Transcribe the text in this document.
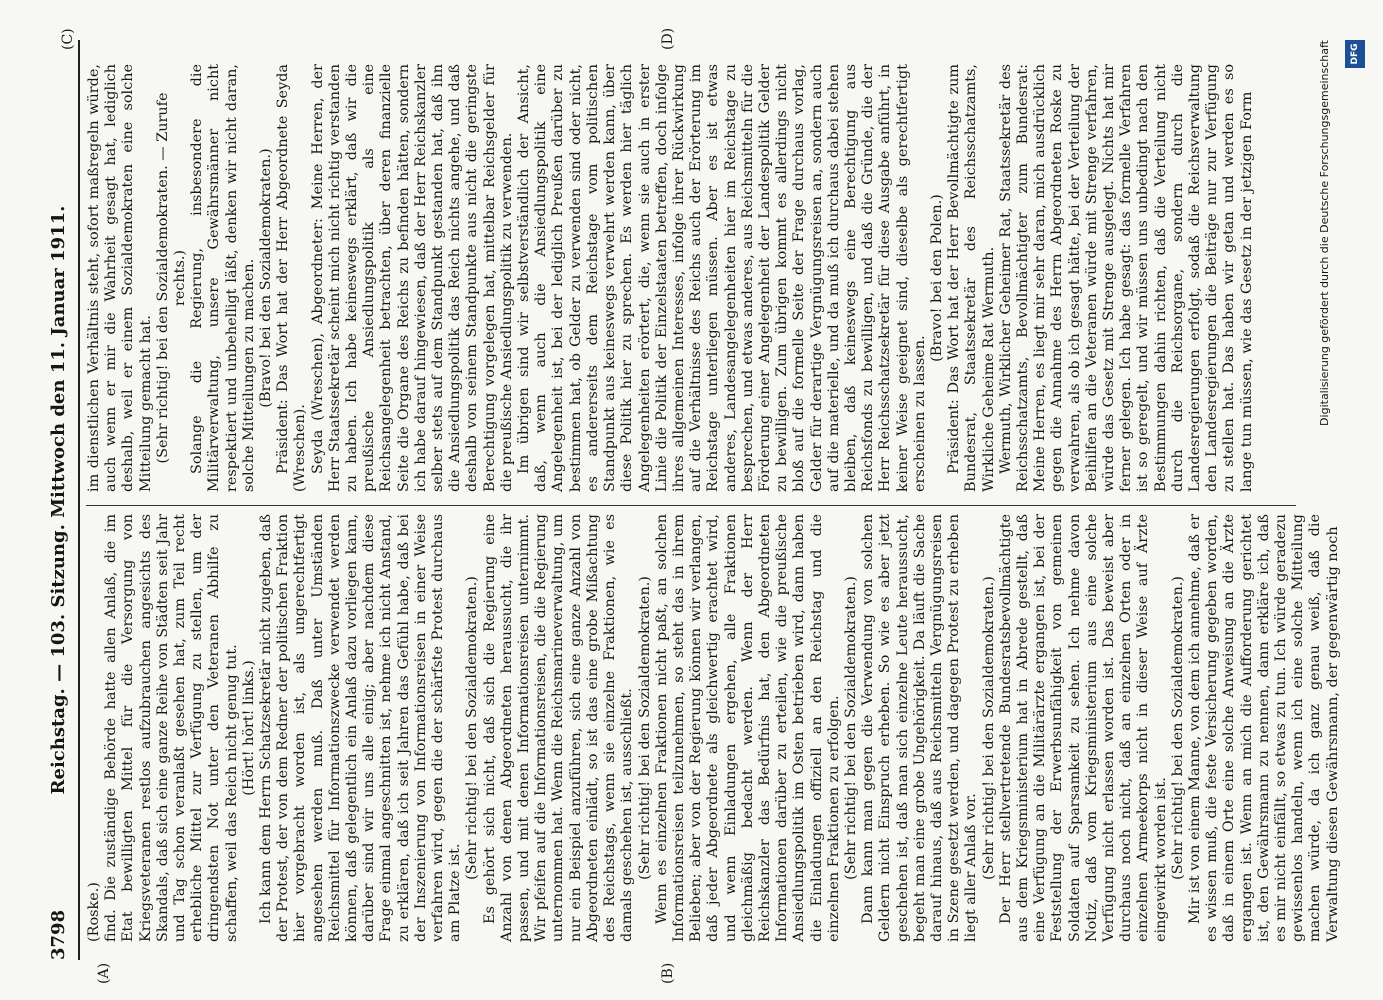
3798
Reichstag. — 103. Sitzung. Mittwoch den 11. Januar 1911.
(A)	(B)
(C)	(D)

(Roske.) find. Die zuständige Behörde hatte allen Anlaß, die im Etat bewilligten Mittel für die Versorgung von Kriegsveteranen restlos aufzubrauchen angesichts des Skandals, daß sich eine ganze Reihe von Städten seit Jahr und Tag schon veranlaßt gesehen hat, zum Teil recht erhebliche Mittel zur Verfügung zu stellen, um der dringendsten Not unter den Veteranen Abhilfe zu schaffen, weil das Reich nicht genug tut. (Hört! hört! links.) Ich kann dem Herrn Schatzsekretär nicht zugeben, daß der Protest, der von dem Redner der politischen Fraktion hier vorgebracht worden ist, als ungerechtfertigt angesehen werden muß. Daß unter Umständen Reichsmittel für Informationszwecke verwendet werden können, daß gelegentlich ein Anlaß dazu vorliegen kann, darüber sind wir uns alle einig; aber nachdem diese Frage einmal angeschnitten ist, nehme ich nicht Anstand, zu erklären, daß ich seit Jahren das Gefühl habe, daß bei der Inszenierung von Informationsreisen in einer Weise verfahren wird, gegen die der schärfste Protest durchaus am Platze ist.

(Sehr richtig! bei den Sozialdemokraten.) Es gehört sich nicht, daß sich die Regierung eine Anzahl von denen Abgeordneten heraussucht, die ihr passen, und mit denen Informationsreisen unternimmt. Wir pfeifen auf die Informationsreisen, die die Regierung unternommen hat. Wenn die Reichsmarineverwaltung, um nur ein Beispiel anzuführen, sich eine ganze Anzahl von Abgeordneten einlädt, so ist das eine grobe Mißachtung des Reichstags, wenn sie einzelne Fraktionen, wie es damals geschehen ist, ausschließt. (Sehr richtig! bei den Sozialdemokraten.) Wenn es einzelnen Fraktionen nicht paßt, an solchen Informationsreisen teilzunehmen, so steht das in ihrem Belieben; aber von der Regierung können wir verlangen, daß jeder Abgeordnete als gleichwertig erachtet wird, und wenn Einladungen ergehen, alle Fraktionen gleichmäßig bedacht werden. Wenn der Herr Reichskanzler das Bedürfnis hat, den Abgeordneten Informationen darüber zu erteilen, wie die preußische Ansiedlungspolitik im Osten betrieben wird, dann haben die Einladungen offiziell an den Reichstag und die einzelnen Fraktionen zu erfolgen. (Sehr richtig! bei den Sozialdemokraten.) Dann kann man gegen die Verwendung von solchen Geldern nicht Einspruch erheben. So wie es aber jetzt geschehen ist, daß man sich einzelne Leute heraussucht, begeht man eine grobe Ungehörigkeit. Da läuft die Sache darauf hinaus, daß aus Reichsmitteln Vergnügungsreisen in Szene gesetzt werden, und dagegen Protest zu erheben liegt aller Anlaß vor. (Sehr richtig! bei den Sozialdemokraten.) Der Herr stellvertretende Bundesratsbevollmächtigte aus dem Kriegsministerium hat in Abrede gestellt, daß eine Verfügung an die Militärärzte ergangen ist, bei der Feststellung der Erwerbsunfähigkeit von gemeinen Soldaten auf Sparsamkeit zu sehen. Ich nehme davon Notiz, daß vom Kriegsministerium aus eine solche Verfügung nicht erlassen worden ist. Das beweist aber durchaus noch nicht, daß an einzelnen Orten oder in einzelnen Armeekorps nicht in dieser Weise auf Ärzte eingewirkt worden ist. (Sehr richtig! bei den Sozialdemokraten.) Mir ist von einem Manne, von dem ich annehme, daß er es wissen muß, die feste Versicherung gegeben worden, daß in einem Orte eine solche Anweisung an die Ärzte ergangen ist. Wenn an mich die Aufforderung gerichtet ist, den Gewährsmann zu nennen, dann erkläre ich, daß es mir nicht einfällt, so etwas zu tun. Ich würde geradezu gewissenlos handeln, wenn ich eine solche Mitteilung machen würde, da ich ganz genau weiß, daß die Verwaltung diesen Gewährsmann, der gegenwärtig noch

im dienstlichen Verhältnis steht, sofort maßregeln würde, auch wenn er mir die Wahrheit gesagt hat, lediglich deshalb, weil er einem Sozialdemokraten eine solche Mitteilung gemacht hat. (Sehr richtig! bei den Sozialdemokraten. — Zurufe rechts.) Solange die Regierung, insbesondere die Militärverwaltung, unsere Gewährsmänner nicht respektiert und unbehelligt läßt, denken wir nicht daran, solche Mitteilungen zu machen. (Bravo! bei den Sozialdemokraten.) Präsident: Das Wort hat der Herr Abgeordnete Seyda (Wreschen). Seyda (Wreschen), Abgeordneter: Meine Herren, der Herr Staatssekretär scheint mich nicht richtig verstanden zu haben. Ich habe keineswegs erklärt, daß wir die preußische Ansiedlungspolitik als eine Reichsangelegenheit betrachten, über deren finanzielle Seite die Organe des Reichs zu befinden hätten, sondern ich habe darauf hingewiesen, daß der Herr Reichskanzler selber stets auf dem Standpunkt gestanden hat, daß ihn die Ansiedlungspolitik das Reich nichts angehe, und daß deshalb von seinem Standpunkte aus nicht die geringste Berechtigung vorgelegen hat, mittelbar Reichsgelder für die preußische Ansiedlungspolitik zu verwenden. Im übrigen sind wir selbstverständlich der Ansicht, daß, wenn auch die Ansiedlungspolitik eine Angelegenheit ist, bei der lediglich Preußen darüber zu bestimmen hat, ob Gelder zu verwenden sind oder nicht, es andererseits dem Reichstage vom politischen Standpunkt aus keineswegs verwehrt werden kann, über diese Politik hier zu sprechen. Es werden hier täglich Angelegenheiten erörtert, die, wenn sie auch in erster Linie die Politik der Einzelstaaten betreffen, doch infolge ihres allgemeinen Interesses, infolge ihrer Rückwirkung auf die Verhältnisse des Reichs auch der Erörterung im Reichstage unterliegen müssen. Aber es ist etwas anderes, Landesangelegenheiten hier im Reichstage zu besprechen, und etwas anderes, aus Reichsmitteln für die Förderung einer Angelegenheit der Landespolitik Gelder zu bewilligen. Zum übrigen kommt es allerdings nicht bloß auf die formelle Seite der Frage durchaus vorlag, Gelder für derartige Vergnügungsreisen an, sondern auch auf die materielle, und da muß ich durchaus dabei stehen bleiben, daß keineswegs eine Berechtigung aus Reichsfonds zu bewilligen, und daß die Gründe, die der Herr Reichsschatzsekretär für diese Ausgabe anführt, in keiner Weise geeignet sind, dieselbe als gerechtfertigt erscheinen zu lassen.

(Bravo! bei den Polen.) Präsident: Das Wort hat der Herr Bevollmächtigte zum Bundesrat, Staatssekretär des Reichsschatzamts, Wirkliche Geheime Rat Wermuth. Wermuth, Wirklicher Geheimer Rat, Staatssekretär des Reichsschatzamts, Bevollmächtigter zum Bundesrat: Meine Herren, es liegt mir sehr daran, mich ausdrücklich gegen die Annahme des Herrn Abgeordneten Roske zu verwahren, als ob ich gesagt hätte, bei der Verteilung der Beihilfen an die Veteranen würde mit Strenge verfahren, würde das Gesetz mit Strenge ausgelegt. Nichts hat mir ferner gelegen. Ich habe gesagt: das formelle Verfahren ist so geregelt, und wir müssen uns unbedingt nach den Bestimmungen dahin richten, daß die Verteilung nicht durch die Reichsorgane, sondern durch die Landesregierungen erfolgt, sodaß die Reichsverwaltung den Landesregierungen die Beiträge nur zur Verfügung zu stellen hat. Das haben wir getan und werden es so lange tun müssen, wie das Gesetz in der jetzigen Form	Digitalisierung gefördert durch die Deutsche Forschungsgemeinschaft	DFG
